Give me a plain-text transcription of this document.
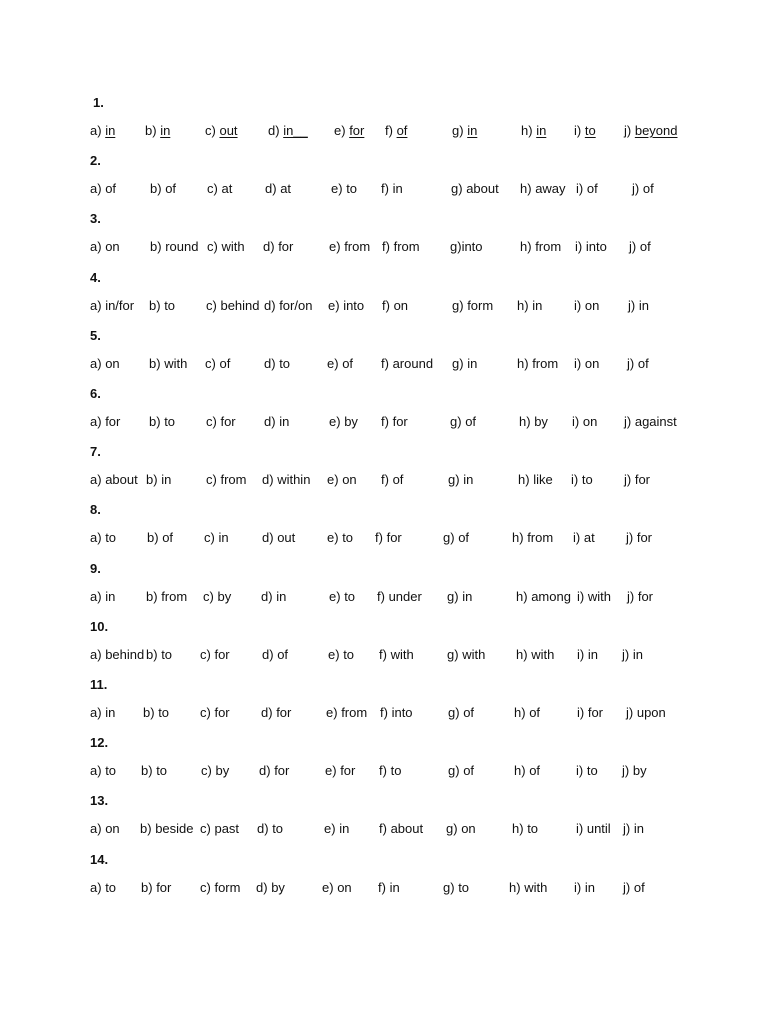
1.
a) in b) in	c) out d) in__ e) for f) of	g) in	h) in i) to j) beyond
2.
a) of	b) of c) at	d) at	e) to f) in	g) about h) away i) of	j) of
3.
a) on b) round c) with d) for	e) from f) from g)into	h) from i) into j) of
4.
a) in/for b) to c) behind d) for/on e) into f) on	g) form h) in i) on j) in
5.
a) on b) with c) of	d) to	e) of f) around g) in	h) from i) on j) of
6.
a) for b) to c) for d) in	e) by f) for	g) of	h) by i) on j) against
7.
a) about b) in	c) from d) within e) on f) of	g) in	h) like i) to j) for
8.
a) to b) of c) in	d) out e) to f) for	g) of	h) from i) at j) for
9.
a) in b) from c) by d) in	e) to f) under g) in	h) among i) with j) for
10.
a) behind b) to c) for d) of	e) to f) with	g) with h) with i) in j) in
11.
a) in b) to c) for d) for	e) from f) into	g) of	h) of	i) for j) upon
12.
a) to b) to	c) by d) for	e) for f) to	g) of	h) of	i) to j) by
13.
a) on b) beside c) past d) to	e) in f) about g) on	h) to	i) until j) in
14.
a) to b) for c) form d) by	e) on f) in	g) to	h) with i) in j) of
